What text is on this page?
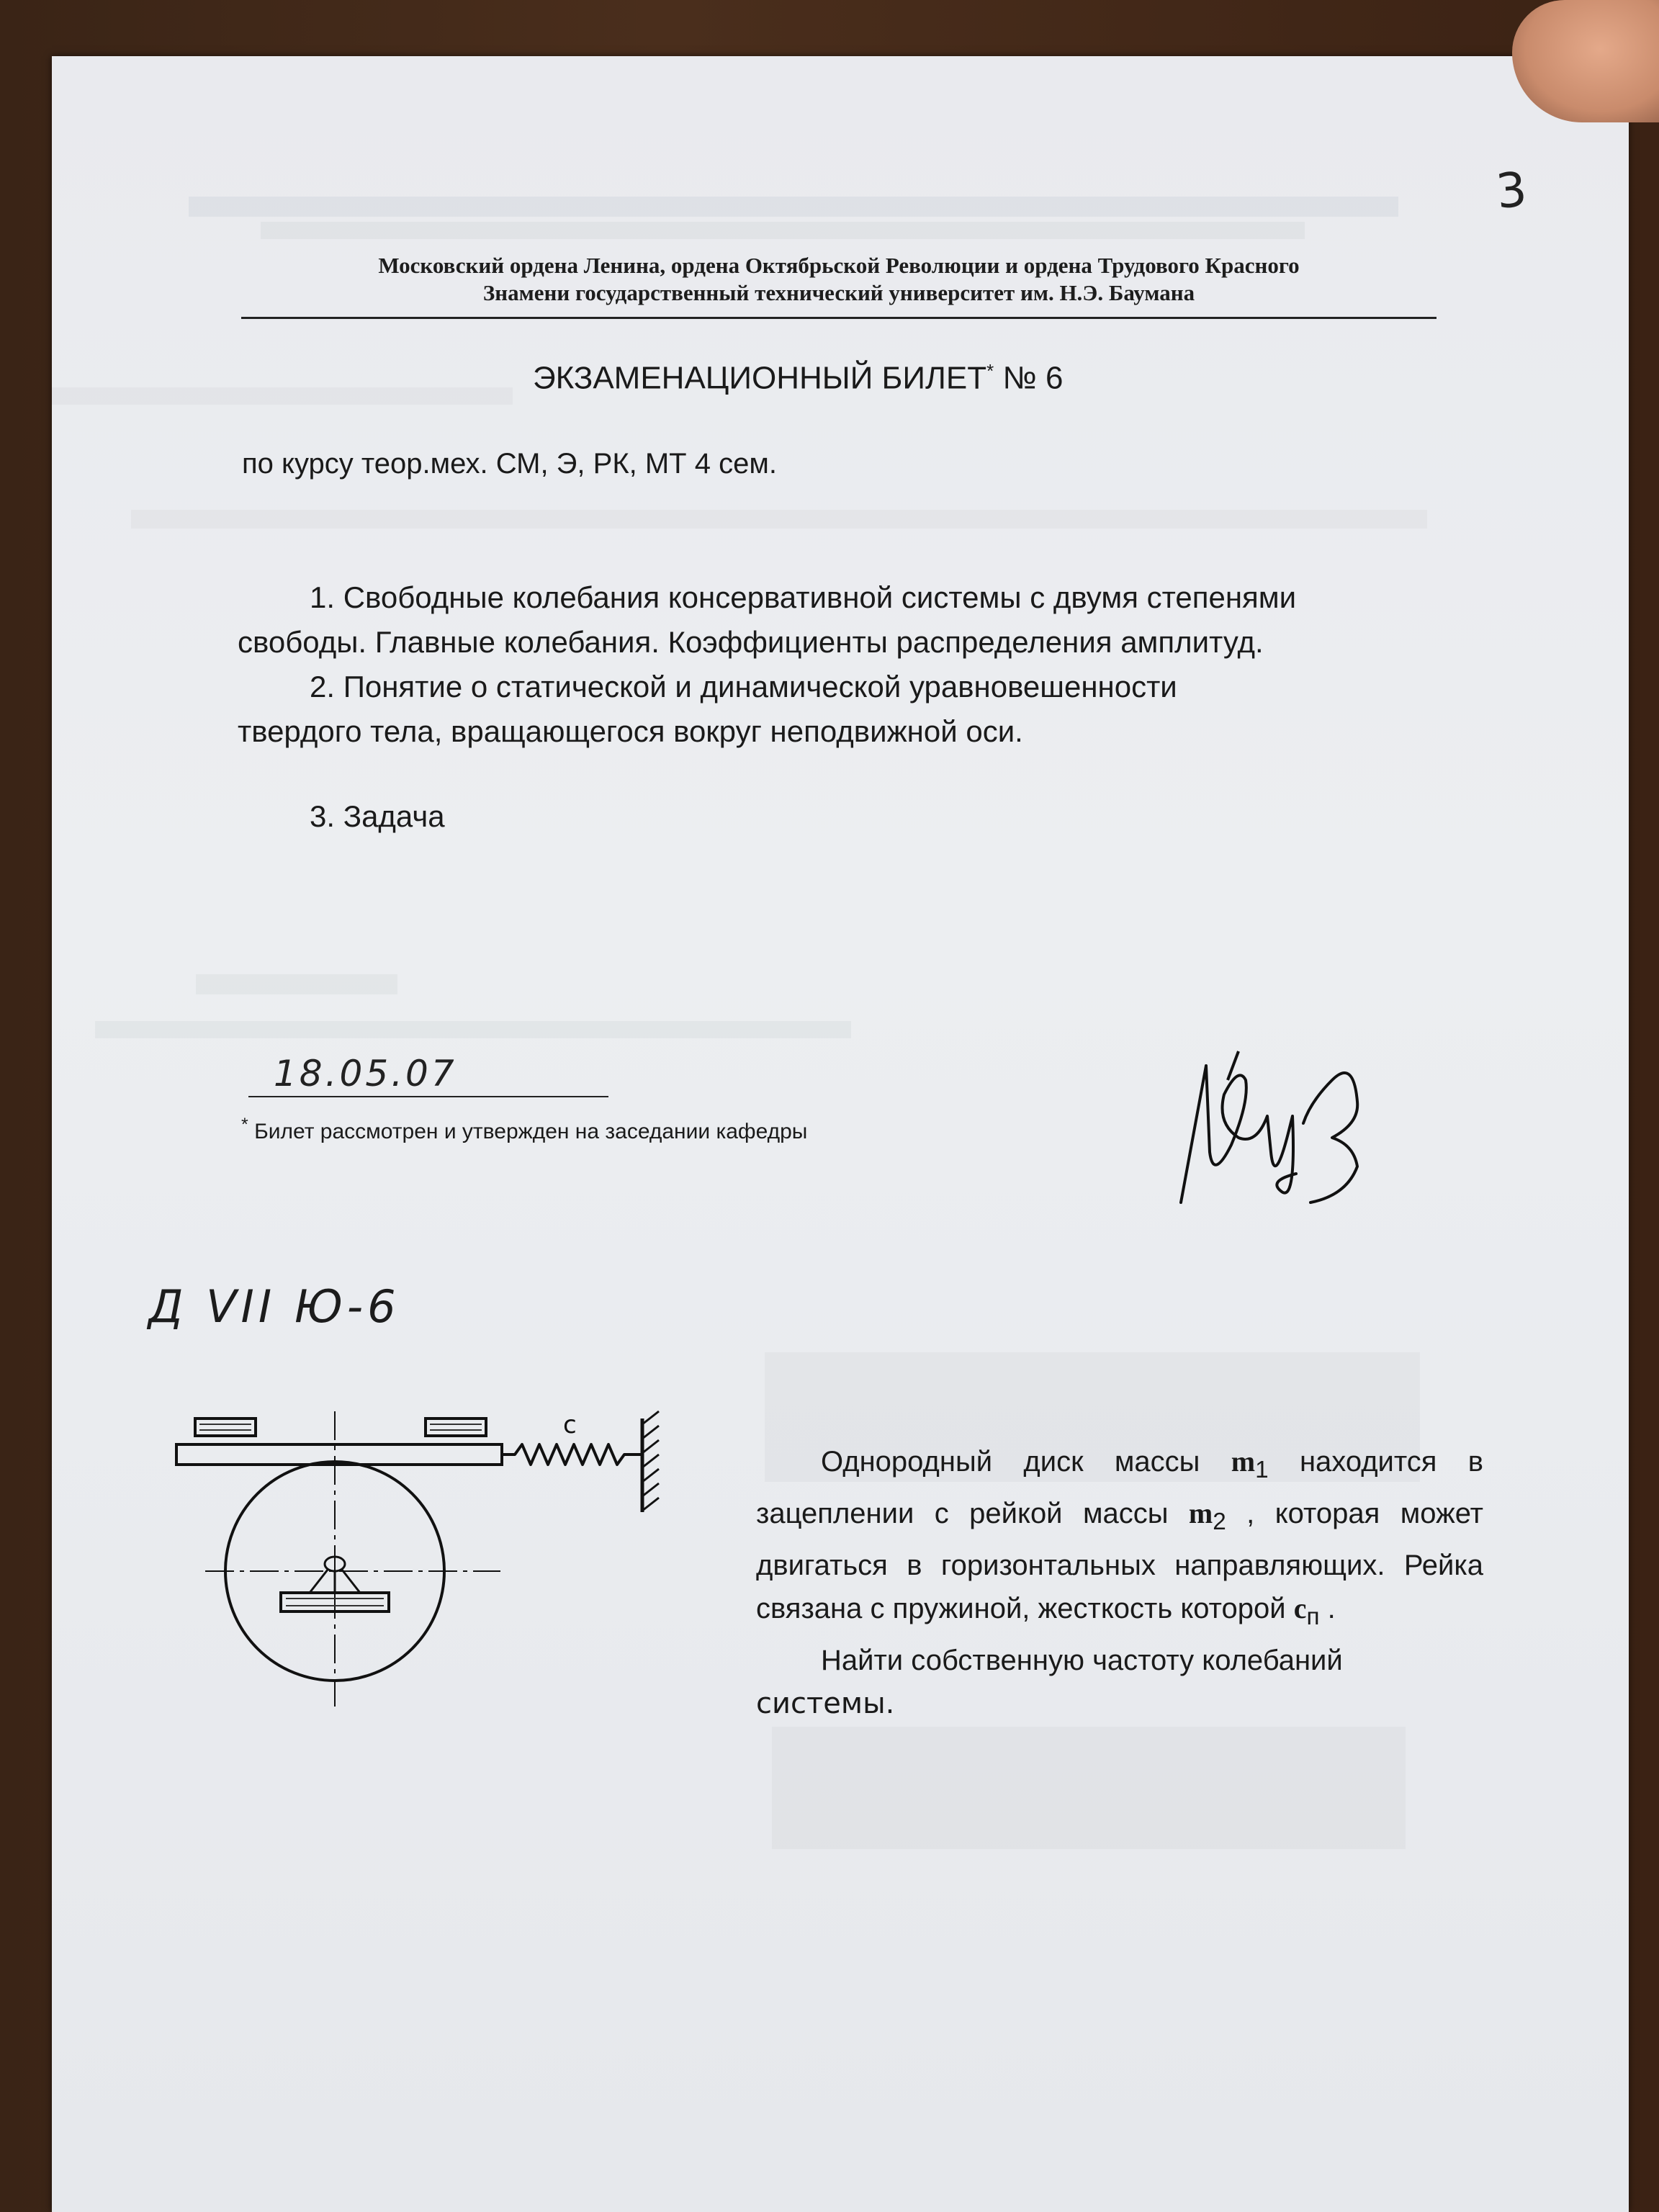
3
Московский ордена Ленина, ордена Октябрьской Революции и ордена Трудового Красного
Знамени государственный технический университет им. Н.Э. Баумана
ЭКЗАМЕНАЦИОННЫЙ БИЛЕТ* № 6
по курсу теор.мех. СМ, Э, РК, МТ 4 сем.
1. Свободные колебания консервативной системы с двумя степенями
свободы. Главные колебания. Коэффициенты распределения амплитуд.
2. Понятие о статической и динамической уравновешенности
твердого тела, вращающегося вокруг неподвижной оси.
3. Задача
18.05.07
* Билет рассмотрен и утвержден на заседании кафедры
Д VII Ю-6
с

Однородный диск массы $m_1$ находится в зацеплении с рейкой массы $m_2$ , которая может двигаться в горизонтальных направляющих. Рейка связана с пружиной, жесткость которой $c_п$ .

Найти собственную частоту колебаний

системы.
